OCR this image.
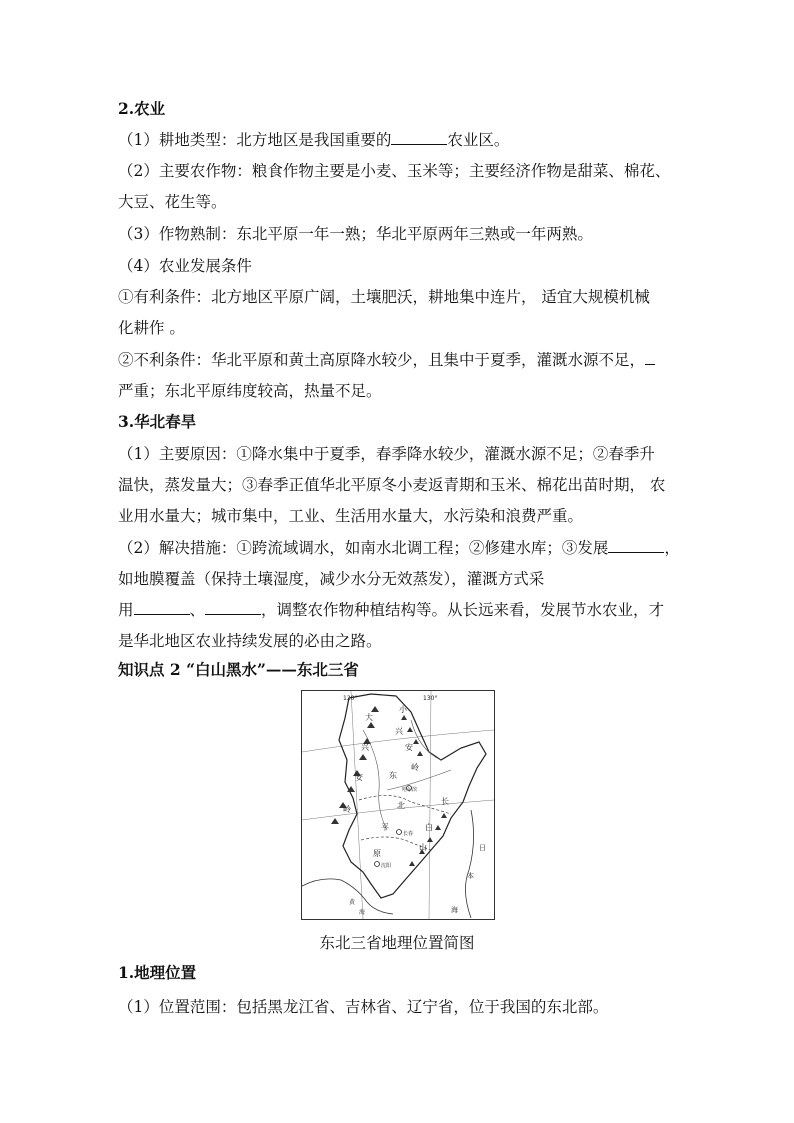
2.农业
（1）耕地类型：北方地区是我国重要的	农业区。
（2）主要农作物：粮食作物主要是小麦、玉米等；主要经济作物是甜菜、棉花、
大豆、花生等。
（3）作物熟制：东北平原一年一熟；华北平原两年三熟或一年两熟。
（4）农业发展条件
①有利条件：北方地区平原广阔，土壤肥沃，耕地集中连片， 适宜大规模机械
化耕作 。
②不利条件：华北平原和黄土高原降水较少，且集中于夏季，灌溉水源不足，
严重；东北平原纬度较高，热量不足。
3.华北春旱
（1）主要原因：①降水集中于夏季，春季降水较少，灌溉水源不足；②春季升
温快，蒸发量大；③春季正值华北平原冬小麦返青期和玉米、棉花出苗时期， 农
业用水量大；城市集中，工业、生活用水量大，水污染和浪费严重。
（2）解决措施：①跨流域调水，如南水北调工程；②修建水库；③发展	，
如地膜覆盖（保持土壤湿度，减少水分无效蒸发），灌溉方式采
用	、	，调整农作物种植结构等。从长远来看，发展节水农业，才
是华北地区农业持续发展的必由之路。
知识点 2 “白山黑水”——东北三省
120°	130°
大
兴
安
岭
小
兴
安
岭
东
北
平
原
长
白
山
哈尔滨
长春
沈阳
日
本
海
黄
海
东北三省地理位置简图
1.地理位置
（1）位置范围：包括黑龙江省、吉林省、辽宁省，位于我国的东北部。
